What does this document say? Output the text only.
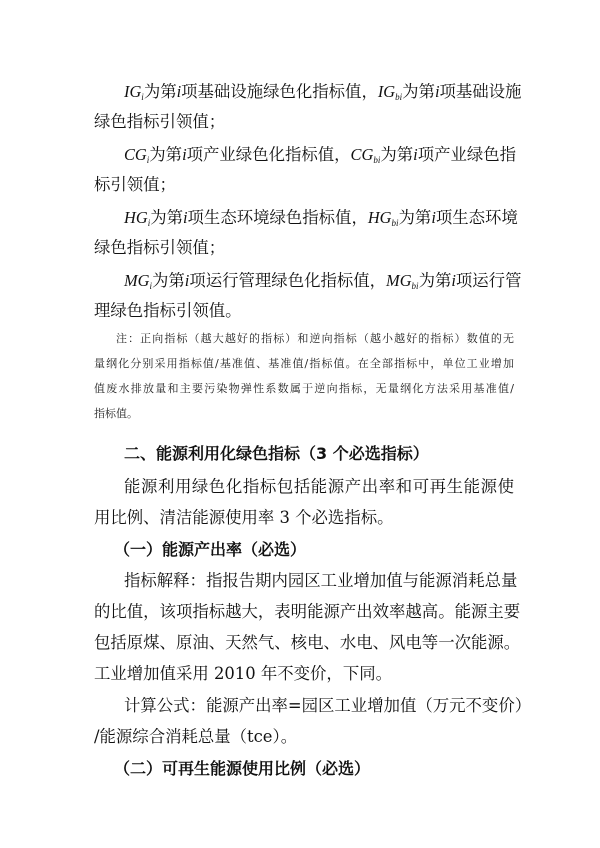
$IG_i$为第i项基础设施绿色化指标值，$IG_{bi}$为第i项基础设施
绿色指标引领值；
$CG_i$为第i项产业绿色化指标值，$CG_{bi}$为第i项产业绿色指
标引领值；
$HG_i$为第i项生态环境绿色指标值，$HG_{bi}$为第i项生态环境
绿色指标引领值；
$MG_i$为第i项运行管理绿色化指标值，$MG_{bi}$为第i项运行管
理绿色指标引领值。
注：正向指标（越大越好的指标）和逆向指标（越小越好的指标）数值的无
量纲化分别采用指标值/基准值、基准值/指标值。在全部指标中，单位工业增加
值废水排放量和主要污染物弹性系数属于逆向指标，无量纲化方法采用基准值/
指标值。
二、能源利用化绿色指标（3 个必选指标）
能源利用绿色化指标包括能源产出率和可再生能源使
用比例、清洁能源使用率 3 个必选指标。
（一）能源产出率（必选）
指标解释：指报告期内园区工业增加值与能源消耗总量
的比值，该项指标越大，表明能源产出效率越高。能源主要
包括原煤、原油、天然气、核电、水电、风电等一次能源。
工业增加值采用 2010 年不变价，下同。
计算公式：能源产出率=园区工业增加值（万元不变价）
/能源综合消耗总量（tce）。
（二）可再生能源使用比例（必选）
